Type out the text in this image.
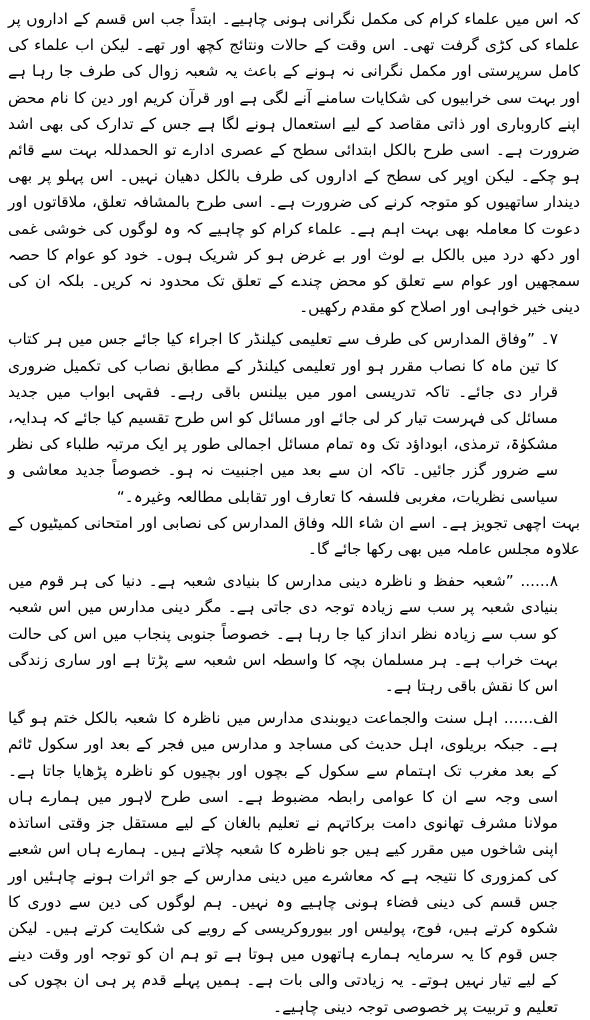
کہ اس میں علماء کرام کی مکمل نگرانی ہونی چاہیے۔ ابتداً جب اس قسم کے اداروں پر علماء کی کڑی گرفت تھی۔ اس وقت کے حالات ونتائج کچھ اور تھے۔ لیکن اب علماء کی کامل سرپرستی اور مکمل نگرانی نہ ہونے کے باعث یہ شعبہ زوال کی طرف جا رہا ہے اور بہت سی خرابیوں کی شکایات سامنے آنے لگی ہے اور قرآن کریم اور دین کا نام محض اپنے کاروباری اور ذاتی مقاصد کے لیے استعمال ہونے لگا ہے جس کے تدارک کی بھی اشد ضرورت ہے۔ اسی طرح بالکل ابتدائی سطح کے عصری ادارے تو الحمدللہ بہت سے قائم ہو چکے۔ لیکن اوپر کی سطح کے اداروں کی طرف بالکل دھیان نہیں۔ اس پہلو پر بھی دیندار ساتھیوں کو متوجہ کرنے کی ضرورت ہے۔ اسی طرح بالمشافہ تعلق، ملاقاتوں اور دعوت کا معاملہ بھی بہت اہم ہے۔ علماء کرام کو چاہیے کہ وہ لوگوں کی خوشی غمی اور دکھ درد میں بالکل بے لوث اور بے غرض ہو کر شریک ہوں۔ خود کو عوام کا حصہ سمجھیں اور عوام سے تعلق کو محض چندے کے تعلق تک محدود نہ کریں۔ بلکہ ان کی دینی خیر خواہی اور اصلاح کو مقدم رکھیں۔

۷۔ ”وفاق المدارس کی طرف سے تعلیمی کیلنڈر کا اجراء کیا جائے جس میں ہر کتاب کا تین ماہ کا نصاب مقرر ہو اور تعلیمی کیلنڈر کے مطابق نصاب کی تکمیل ضروری قرار دی جائے۔ تاکہ تدریسی امور میں بیلنس باقی رہے۔ فقہی ابواب میں جدید مسائل کی فہرست تیار کر لی جائے اور مسائل کو اس طرح تقسیم کیا جائے کہ ہدایہ، مشکوٰۃ، ترمذی، ابوداؤد تک وہ تمام مسائل اجمالی طور پر ایک مرتبہ طلباء کی نظر سے ضرور گزر جائیں۔ تاکہ ان سے بعد میں اجنبیت نہ ہو۔ خصوصاً جدید معاشی و سیاسی نظریات، مغربی فلسفہ کا تعارف اور تقابلی مطالعہ وغیرہ۔“

بہت اچھی تجویز ہے۔ اسے ان شاء اللہ وفاق المدارس کی نصابی اور امتحانی کمیٹیوں کے علاوہ مجلس عاملہ میں بھی رکھا جائے گا۔

۸...... ”شعبہ حفظ و ناظرہ دینی مدارس کا بنیادی شعبہ ہے۔ دنیا کی ہر قوم میں بنیادی شعبہ پر سب سے زیادہ توجہ دی جاتی ہے۔ مگر دینی مدارس میں اس شعبہ کو سب سے زیادہ نظر انداز کیا جا رہا ہے۔ خصوصاً جنوبی پنجاب میں اس کی حالت بہت خراب ہے۔ ہر مسلمان بچہ کا واسطہ اس شعبہ سے پڑتا ہے اور ساری زندگی اس کا نقش باقی رہتا ہے۔

الف...... اہل سنت والجماعت دیوبندی مدارس میں ناظرہ کا شعبہ بالکل ختم ہو گیا ہے۔ جبکہ بریلوی، اہل حدیث کی مساجد و مدارس میں فجر کے بعد اور سکول ٹائم کے بعد مغرب تک اہتمام سے سکول کے بچوں اور بچیوں کو ناظرہ پڑھایا جاتا ہے۔ اسی وجہ سے ان کا عوامی رابطہ مضبوط ہے۔ اسی طرح لاہور میں ہمارے ہاں مولانا مشرف تھانوی دامت برکاتہم نے تعلیم بالغان کے لیے مستقل جز وقتی اساتذہ اپنی شاخوں میں مقرر کیے ہیں جو ناظرہ کا شعبہ چلاتے ہیں۔ ہمارے ہاں اس شعبے کی کمزوری کا نتیجہ ہے کہ معاشرے میں دینی مدارس کے جو اثرات ہونے چاہئیں اور جس قسم کی دینی فضاء ہونی چاہیے وہ نہیں۔ ہم لوگوں کی دین سے دوری کا شکوہ کرتے ہیں، فوج، پولیس اور بیوروکریسی کے رویے کی شکایت کرتے ہیں۔ لیکن جس قوم کا یہ سرمایہ ہمارے ہاتھوں میں ہوتا ہے تو ہم ان کو توجہ اور وقت دینے کے لیے تیار نہیں ہوتے۔ یہ زیادتی والی بات ہے۔ ہمیں پہلے قدم پر ہی ان بچوں کی تعلیم و تربیت پر خصوصی توجہ دینی چاہیے۔
